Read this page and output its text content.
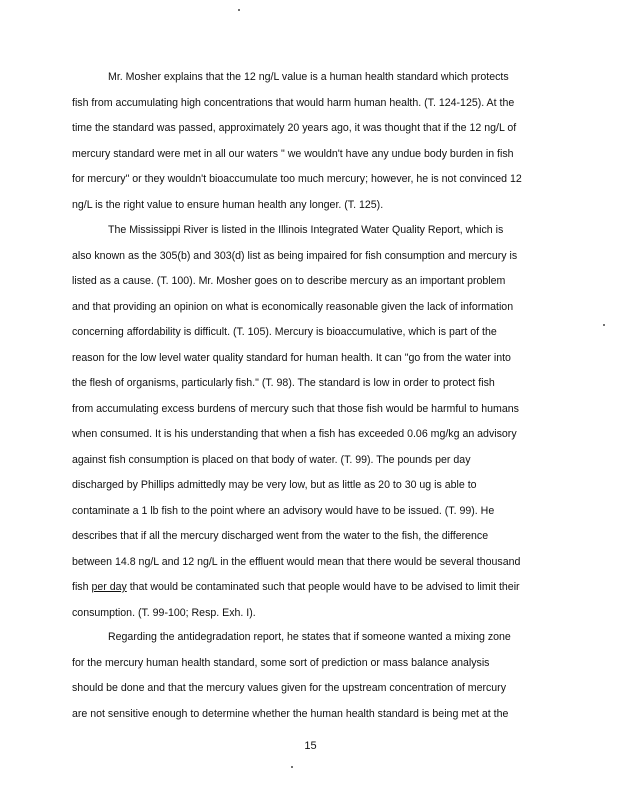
Mr. Mosher explains that the 12 ng/L value is a human health standard which protects
fish from accumulating high concentrations that would harm human health. (T. 124-125). At the
time the standard was passed, approximately 20 years ago, it was thought that if the 12 ng/L of
mercury standard were met in all our waters " we wouldn't have any undue body burden in fish
for mercury" or they wouldn't bioaccumulate too much mercury; however, he is not convinced 12
ng/L is the right value to ensure human health any longer. (T. 125).
The Mississippi River is listed in the Illinois Integrated Water Quality Report, which is
also known as the 305(b) and 303(d) list as being impaired for fish consumption and mercury is
listed as a cause. (T. 100). Mr. Mosher goes on to describe mercury as an important problem
and that providing an opinion on what is economically reasonable given the lack of information
concerning affordability is difficult. (T. 105). Mercury is bioaccumulative, which is part of the
reason for the low level water quality standard for human health. It can "go from the water into
the flesh of organisms, particularly fish." (T. 98). The standard is low in order to protect fish
from accumulating excess burdens of mercury such that those fish would be harmful to humans
when consumed. It is his understanding that when a fish has exceeded 0.06 mg/kg an advisory
against fish consumption is placed on that body of water. (T. 99). The pounds per day
discharged by Phillips admittedly may be very low, but as little as 20 to 30 ug is able to
contaminate a 1 lb fish to the point where an advisory would have to be issued. (T. 99). He
describes that if all the mercury discharged went from the water to the fish, the difference
between 14.8 ng/L and 12 ng/L in the effluent would mean that there would be several thousand
fish per day that would be contaminated such that people would have to be advised to limit their
consumption. (T. 99-100; Resp. Exh. I).
Regarding the antidegradation report, he states that if someone wanted a mixing zone
for the mercury human health standard, some sort of prediction or mass balance analysis
should be done and that the mercury values given for the upstream concentration of mercury
are not sensitive enough to determine whether the human health standard is being met at the
15
